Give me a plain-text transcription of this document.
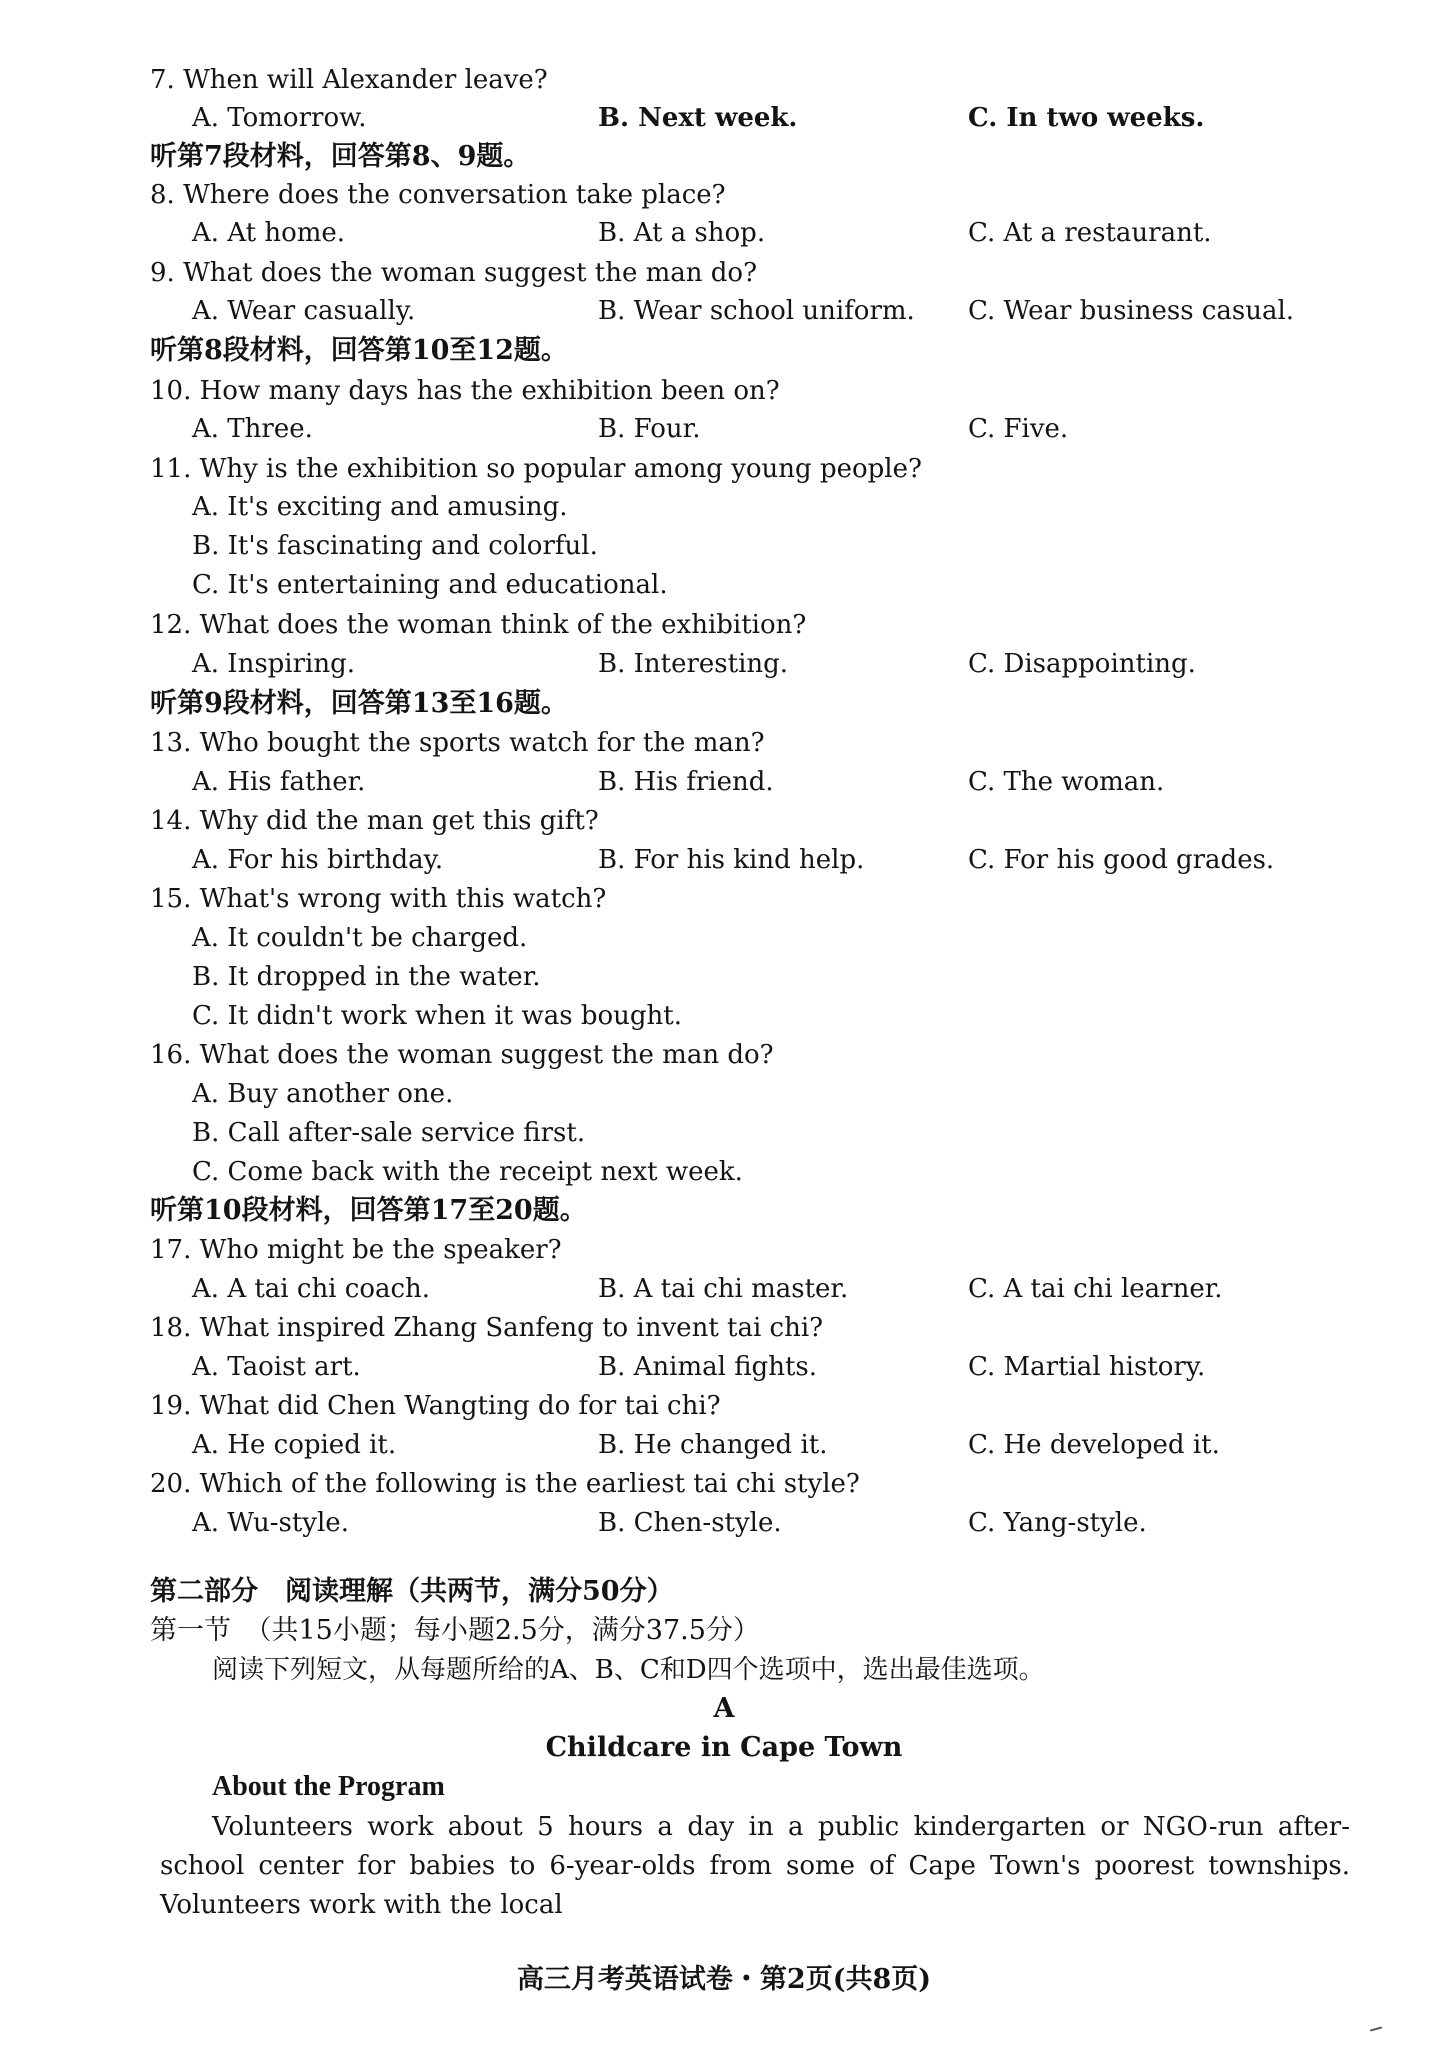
7. When will Alexander leave?
A. Tomorrow.	B. Next week.	C. In two weeks.
听第7段材料，回答第8、9题。
8. Where does the conversation take place?
A. At home.	B. At a shop.	C. At a restaurant.
9. What does the woman suggest the man do?
A. Wear casually.	B. Wear school uniform. C. Wear business casual.
听第8段材料，回答第10至12题。
10. How many days has the exhibition been on?
A. Three.	B. Four.	C. Five.
11. Why is the exhibition so popular among young people?
A. It's exciting and amusing.
B. It's fascinating and colorful.
C. It's entertaining and educational.
12. What does the woman think of the exhibition?
A. Inspiring.	B. Interesting.	C. Disappointing.
听第9段材料，回答第13至16题。
13. Who bought the sports watch for the man?
A. His father.	B. His friend.	C. The woman.
14. Why did the man get this gift?
A. For his birthday.	B. For his kind help.	C. For his good grades.
15. What's wrong with this watch?
A. It couldn't be charged.
B. It dropped in the water.
C. It didn't work when it was bought.
16. What does the woman suggest the man do?
A. Buy another one.
B. Call after-sale service first.
C. Come back with the receipt next week.
听第10段材料，回答第17至20题。
17. Who might be the speaker?
A. A tai chi coach.	B. A tai chi master.	C. A tai chi learner.
18. What inspired Zhang Sanfeng to invent tai chi?
A. Taoist art.	B. Animal fights.	C. Martial history.
19. What did Chen Wangting do for tai chi?
A. He copied it.	B. He changed it.	C. He developed it.
20. Which of the following is the earliest tai chi style?
A. Wu-style.	B. Chen-style.	C. Yang-style.
第二部分　阅读理解（共两节，满分50分）
第一节　（共15小题；每小题2.5分，满分37.5分）
阅读下列短文，从每题所给的A、B、C和D四个选项中，选出最佳选项。
A
Childcare in Cape Town
About the Program
Volunteers work about 5 hours a day in a public kindergarten or NGO-run after-school center for babies to 6-year-olds from some of Cape Town's poorest townships. Volunteers work with the local
高三月考英语试卷・第2页(共8页)
